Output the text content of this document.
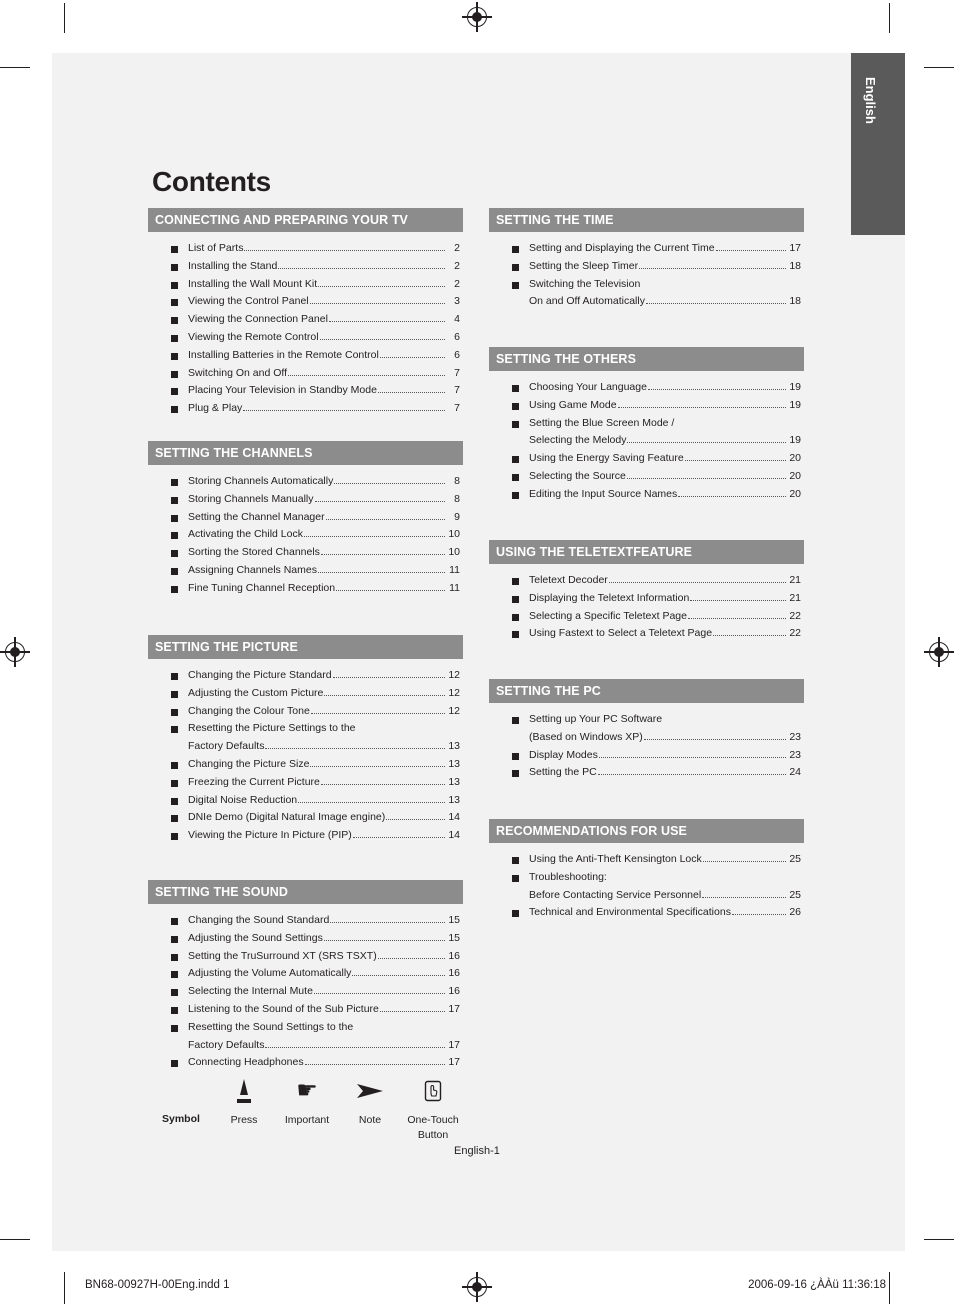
English
Contents
CONNECTING AND PREPARING YOUR TV
List of Parts	2
Installing the Stand	2
Installing the Wall Mount Kit	2
Viewing the Control Panel	3
Viewing the Connection Panel	4
Viewing the Remote Control	6
Installing Batteries in the Remote Control	6
Switching On and Off	7
Placing Your Television in Standby Mode	7
Plug & Play	7
SETTING THE CHANNELS
Storing Channels Automatically	8
Storing Channels Manually	8
Setting the Channel Manager	9
Activating the Child Lock	10
Sorting the Stored Channels	10
Assigning Channels Names	11
Fine Tuning Channel Reception	11
SETTING THE PICTURE
Changing the Picture Standard	12
Adjusting the Custom Picture	12
Changing the Colour Tone	12
Resetting the Picture Settings to the
Factory Defaults	13
Changing the Picture Size	13
Freezing the Current Picture	13
Digital Noise Reduction	13
DNIe Demo (Digital Natural Image engine)	14
Viewing the Picture In Picture (PIP)	14
SETTING THE SOUND
Changing the Sound Standard	15
Adjusting the Sound Settings	15
Setting the TruSurround XT (SRS TSXT)	16
Adjusting the Volume Automatically	16
Selecting the Internal Mute	16
Listening to the Sound of the Sub Picture	17
Resetting the Sound Settings to the
Factory Defaults	17
Connecting Headphones	17
SETTING THE TIME
Setting and Displaying the Current Time	17
Setting the Sleep Timer	18
Switching the Television
On and Off Automatically	18
SETTING THE OTHERS
Choosing Your Language	19
Using Game Mode	19
Setting the Blue Screen Mode /
Selecting the Melody	19
Using the Energy Saving Feature	20
Selecting the Source	20
Editing the Input Source Names	20
USING THE TELETEXTFEATURE
Teletext Decoder	21
Displaying the Teletext Information	21
Selecting a Specific Teletext Page	22
Using Fastext to Select a Teletext Page	22
SETTING THE PC
Setting up Your PC Software
(Based on Windows XP)	23
Display Modes	23
Setting the PC	24
RECOMMENDATIONS FOR USE
Using the Anti-Theft Kensington Lock	25
Troubleshooting:
Before Contacting Service Personnel	25
Technical and Environmental Specifications	26
Symbol	Press
☛
Important	Note	One-Touch
Button
English-1
BN68-00927H-00Eng.indd 1	2006-09-16 ¿ÀÀü 11:36:18
